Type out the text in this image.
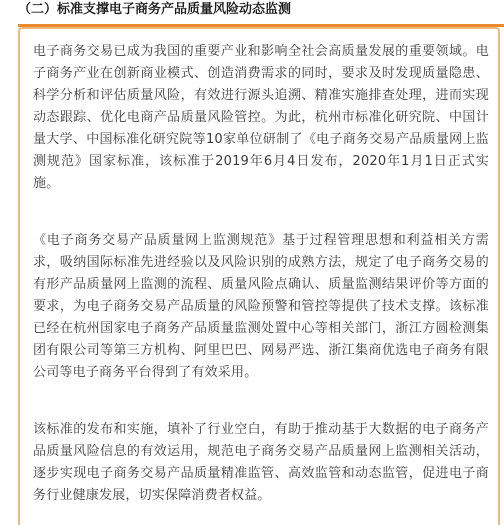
（二）标准支撑电子商务产品质量风险动态监测

电子商务交易已成为我国的重要产业和影响全社会高质量发展的重要领域。电子商务产业在创新商业模式、创造消费需求的同时，要求及时发现质量隐患、科学分析和评估质量风险，有效进行源头追溯、精准实施排查处理，进而实现动态跟踪、优化电商产品质量风险管控。为此，杭州市标准化研究院、中国计量大学、中国标准化研究院等10家单位研制了《电子商务交易产品质量网上监测规范》国家标准，该标准于2019年6月4日发布，2020年1月1日正式实施。

《电子商务交易产品质量网上监测规范》基于过程管理思想和利益相关方需求，吸纳国际标准先进经验以及风险识别的成熟方法，规定了电子商务交易的有形产品质量网上监测的流程、质量风险点确认、质量监测结果评价等方面的要求，为电子商务交易产品质量的风险预警和管控等提供了技术支撑。该标准已经在杭州国家电子商务产品质量监测处置中心等相关部门，浙江方圆检测集团有限公司等第三方机构、阿里巴巴、网易严选、浙江集商优选电子商务有限公司等电子商务平台得到了有效采用。

该标准的发布和实施，填补了行业空白，有助于推动基于大数据的电子商务产品质量风险信息的有效运用，规范电子商务交易产品质量网上监测相关活动，逐步实现电子商务交易产品质量精准监管、高效监管和动态监管，促进电子商务行业健康发展，切实保障消费者权益。
